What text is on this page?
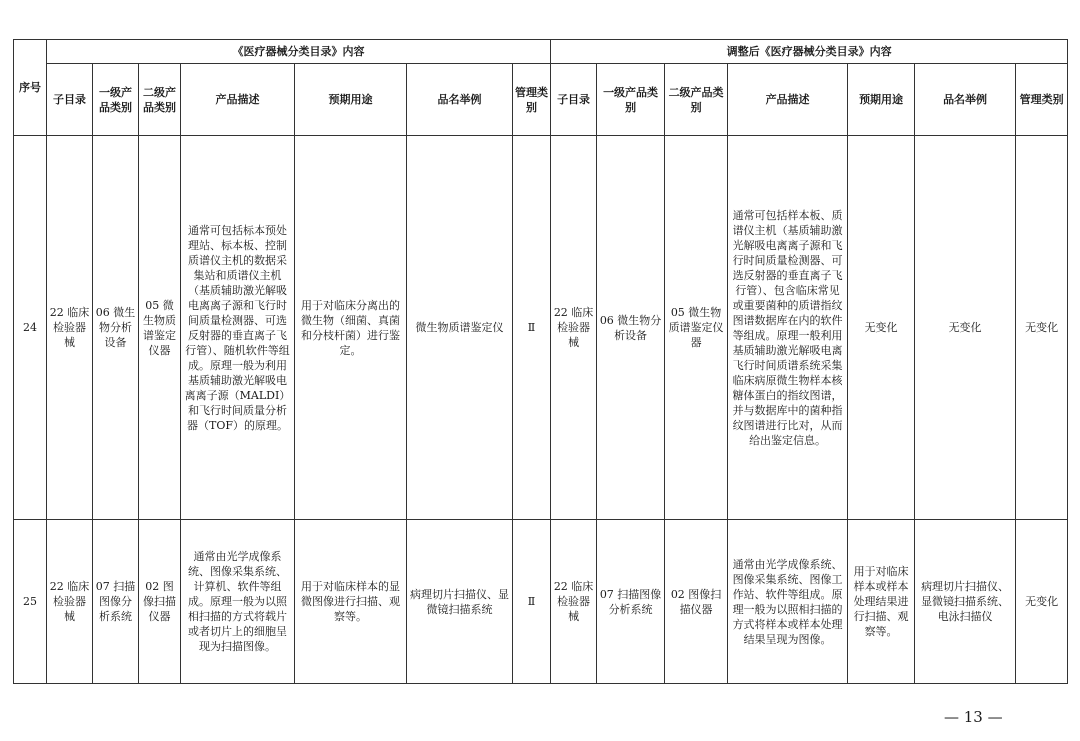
序号	《医疗器械分类目录》内容							调整后《医疗器械分类目录》内容						
	子目录	一级产品类别	二级产品类别	产品描述	预期用途	品名举例	管理类别	子目录	一级产品类别	二级产品类别	产品描述	预期用途	品名举例	管理类别
24	22 临床检验器械	06 微生物分析设备	05 微生物质谱鉴定仪器	通常可包括标本预处理站、标本板、控制质谱仪主机的数据采集站和质谱仪主机（基质辅助激光解吸电离离子源和飞行时间质量检测器、可选反射器的垂直离子飞行管）、随机软件等组成。原理一般为利用基质辅助激光解吸电离离子源（MALDI）和飞行时间质量分析器（TOF）的原理。	用于对临床分离出的微生物（细菌、真菌和分枝杆菌）进行鉴定。	微生物质谱鉴定仪	Ⅱ	22 临床检验器械	06 微生物分析设备	05 微生物质谱鉴定仪器	通常可包括样本板、质谱仪主机（基质辅助激光解吸电离离子源和飞行时间质量检测器、可选反射器的垂直离子飞行管）、包含临床常见或重要菌种的质谱指纹图谱数据库在内的软件等组成。原理一般利用基质辅助激光解吸电离飞行时间质谱系统采集临床病原微生物样本核糖体蛋白的指纹图谱，并与数据库中的菌种指纹图谱进行比对，从而给出鉴定信息。	无变化	无变化	无变化
25	22 临床检验器械	07 扫描图像分析系统	02 图像扫描仪器	通常由光学成像系统、图像采集系统、计算机、软件等组成。原理一般为以照相扫描的方式将载片或者切片上的细胞呈现为扫描图像。	用于对临床样本的显微图像进行扫描、观察等。	病理切片扫描仪、显微镜扫描系统	Ⅱ	22 临床检验器械	07 扫描图像分析系统	02 图像扫描仪器	通常由光学成像系统、图像采集系统、图像工作站、软件等组成。原理一般为以照相扫描的方式将样本或样本处理结果呈现为图像。	用于对临床样本或样本处理结果进行扫描、观察等。	病理切片扫描仪、显微镜扫描系统、电泳扫描仪	无变化
— 13 —
